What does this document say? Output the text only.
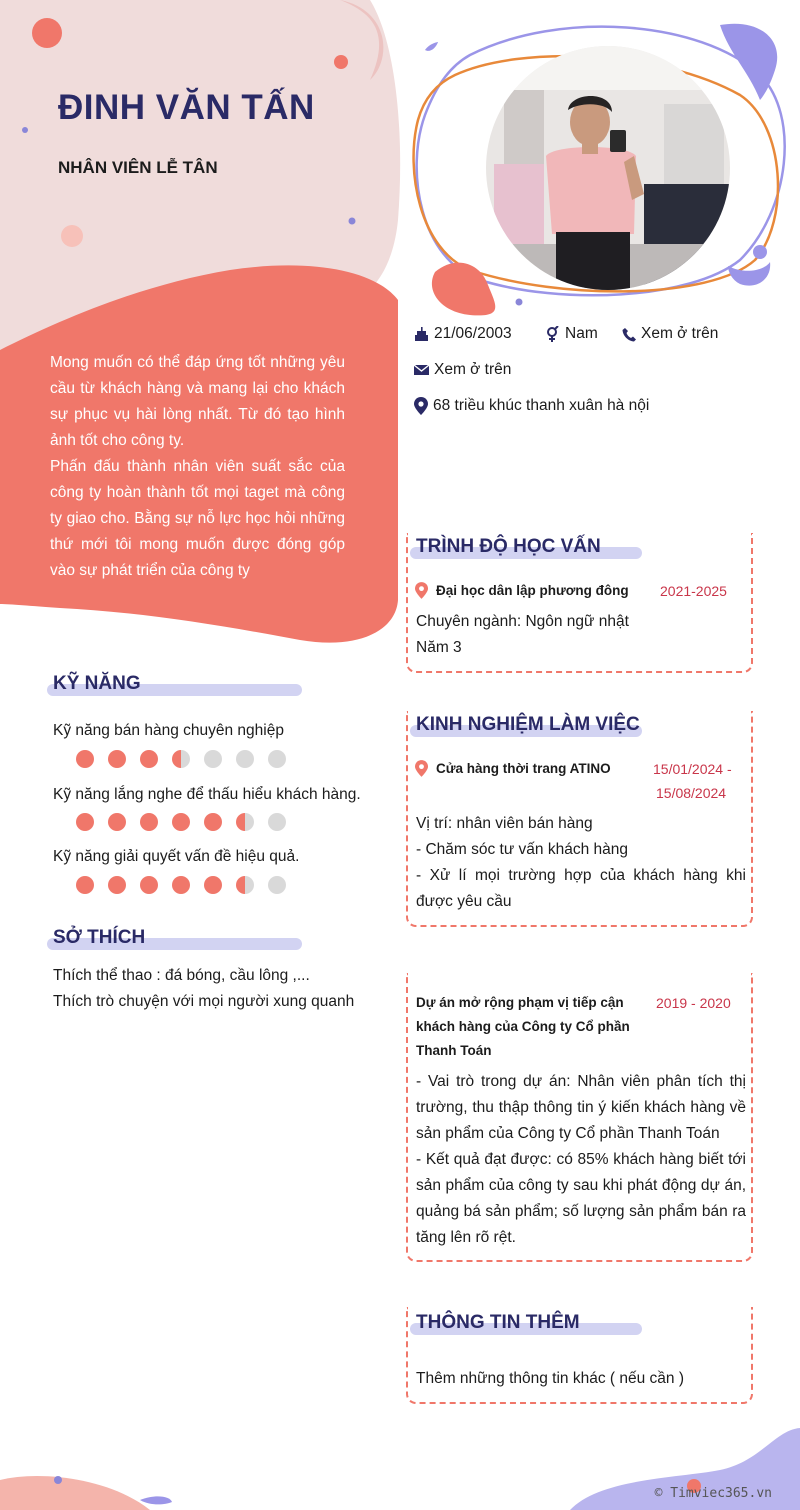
ĐINH VĂN TẤN
NHÂN VIÊN LỄ TÂN

Mong muốn có thể đáp ứng tốt những yêu cầu từ khách hàng và mang lại cho khách sự phục vụ hài lòng nhất. Từ đó tạo hình ảnh tốt cho công ty.

Phấn đấu thành nhân viên suất sắc của công ty hoàn thành tốt mọi taget mà công ty giao cho. Bằng sự nỗ lực học hỏi những thứ mới tôi mong muốn được đóng góp vào sự phát triển của công ty

21/06/2003	Nam	Xem ở trên
Xem ở trên
68 triều khúc thanh xuân hà nội
KỸ NĂNG
Kỹ năng bán hàng chuyên nghiệp
Kỹ năng lắng nghe để thấu hiểu khách hàng.
Kỹ năng giải quyết vấn đề hiệu quả.
SỞ THÍCH
Thích thể thao : đá bóng, cầu lông ,...
Thích trò chuyện với mọi người xung quanh
TRÌNH ĐỘ HỌC VẤN
Đại học dân lập phương đông 2021-2025
Chuyên ngành: Ngôn ngữ nhật
Năm 3
KINH NGHIỆM LÀM VIỆC
Cửa hàng thời trang ATINO	15/01/2024 -
15/08/2024
Vị trí: nhân viên bán hàng
- Chăm sóc tư vấn khách hàng
- Xử lí mọi trường hợp của khách hàng khi được yêu cầu
Dự án mở rộng phạm vị tiếp cận khách hàng của Công ty Cổ phần Thanh Toán
2019 - 2020
- Vai trò trong dự án: Nhân viên phân tích thị trường, thu thập thông tin ý kiến khách hàng về sản phẩm của Công ty Cổ phần Thanh Toán
- Kết quả đạt được: có 85% khách hàng biết tới sản phẩm của công ty sau khi phát động dự án, quảng bá sản phẩm; số lượng sản phẩm bán ra tăng lên rõ rệt.
THÔNG TIN THÊM
Thêm những thông tin khác ( nếu cần )
© Timviec365.vn
